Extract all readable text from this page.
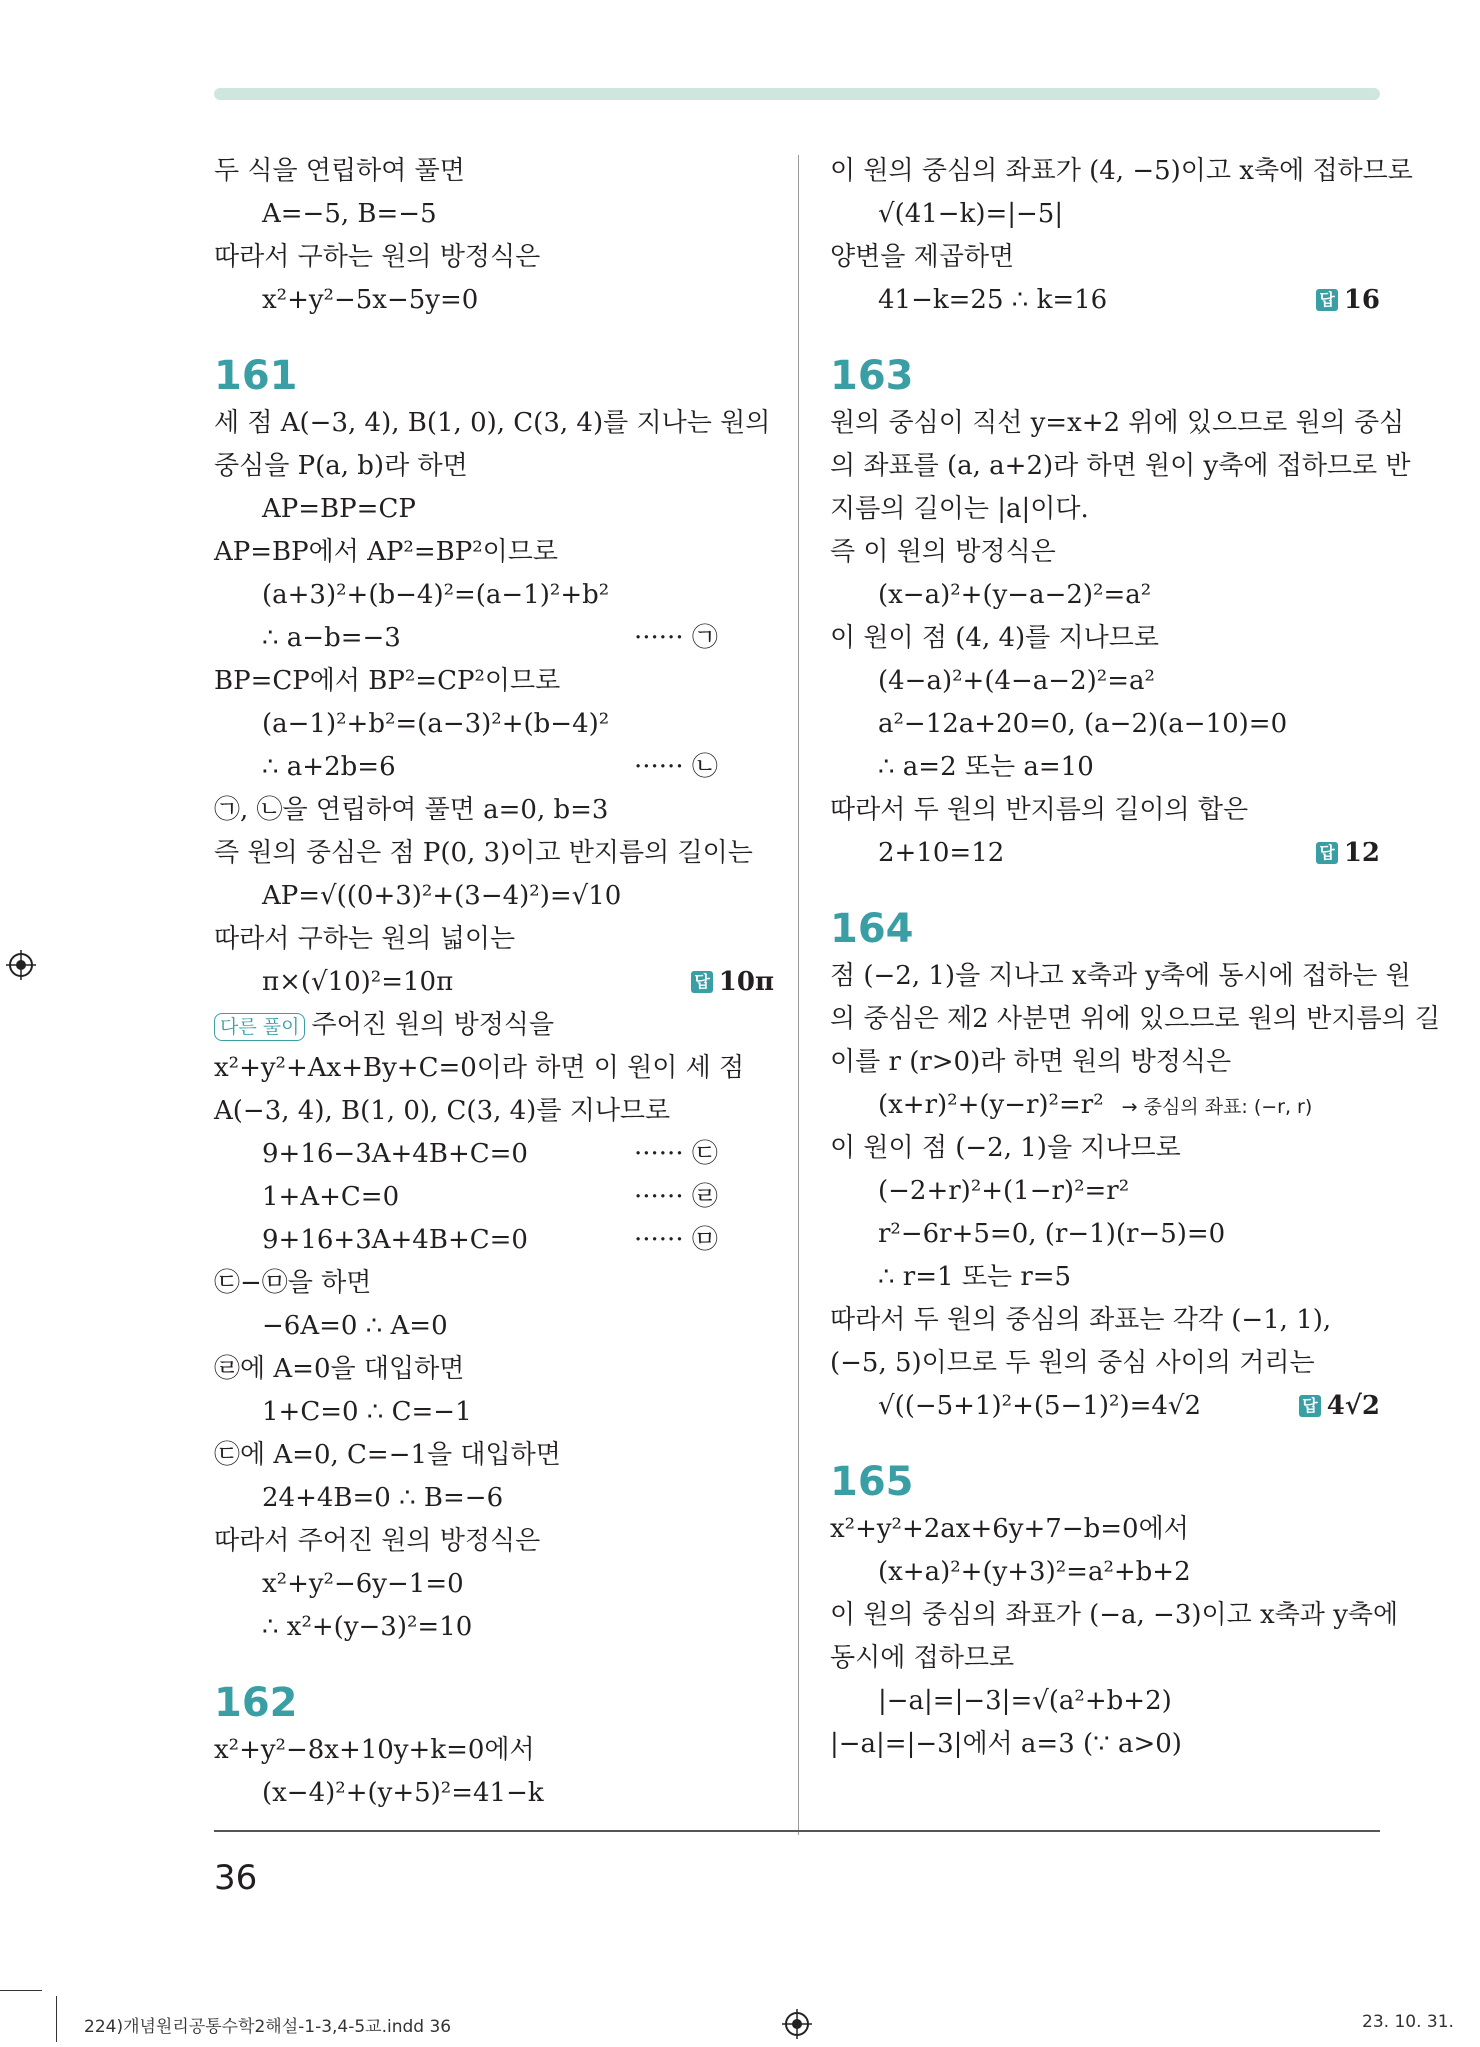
두 식을 연립하여 풀면
A=−5, B=−5
따라서 구하는 원의 방정식은
x²+y²−5x−5y=0
161
세 점 A(−3, 4), B(1, 0), C(3, 4)를 지나는 원의
중심을 P(a, b)라 하면
AP=BP=CP
AP=BP에서 AP²=BP²이므로
(a+3)²+(b−4)²=(a−1)²+b²
∴ a−b=−3	······ ㉠
BP=CP에서 BP²=CP²이므로
(a−1)²+b²=(a−3)²+(b−4)²
∴ a+2b=6	······ ㉡
㉠, ㉡을 연립하여 풀면 a=0, b=3
즉 원의 중심은 점 P(0, 3)이고 반지름의 길이는
AP=√((0+3)²+(3−4)²)=√10
따라서 구하는 원의 넓이는
π×(√10)²=10π	답 10π
다른 풀이 주어진 원의 방정식을
x²+y²+Ax+By+C=0이라 하면 이 원이 세 점
A(−3, 4), B(1, 0), C(3, 4)를 지나므로
9+16−3A+4B+C=0	······ ㉢
1+A+C=0	······ ㉣
9+16+3A+4B+C=0	······ ㉤
㉢−㉤을 하면
−6A=0 ∴ A=0
㉣에 A=0을 대입하면
1+C=0 ∴ C=−1
㉢에 A=0, C=−1을 대입하면
24+4B=0 ∴ B=−6
따라서 주어진 원의 방정식은
x²+y²−6y−1=0
∴ x²+(y−3)²=10
162
x²+y²−8x+10y+k=0에서
(x−4)²+(y+5)²=41−k
이 원의 중심의 좌표가 (4, −5)이고 x축에 접하므로
√(41−k)=|−5|
양변을 제곱하면
41−k=25 ∴ k=16	답 16
163
원의 중심이 직선 y=x+2 위에 있으므로 원의 중심
의 좌표를 (a, a+2)라 하면 원이 y축에 접하므로 반
지름의 길이는 |a|이다.
즉 이 원의 방정식은
(x−a)²+(y−a−2)²=a²
이 원이 점 (4, 4)를 지나므로
(4−a)²+(4−a−2)²=a²
a²−12a+20=0, (a−2)(a−10)=0
∴ a=2 또는 a=10
따라서 두 원의 반지름의 길이의 합은
2+10=12	답 12
164
점 (−2, 1)을 지나고 x축과 y축에 동시에 접하는 원
의 중심은 제2 사분면 위에 있으므로 원의 반지름의 길
이를 r (r>0)라 하면 원의 방정식은
(x+r)²+(y−r)²=r² → 중심의 좌표: (−r, r)
이 원이 점 (−2, 1)을 지나므로
(−2+r)²+(1−r)²=r²
r²−6r+5=0, (r−1)(r−5)=0
∴ r=1 또는 r=5
따라서 두 원의 중심의 좌표는 각각 (−1, 1),
(−5, 5)이므로 두 원의 중심 사이의 거리는
√((−5+1)²+(5−1)²)=4√2	답 4√2
165
x²+y²+2ax+6y+7−b=0에서
(x+a)²+(y+3)²=a²+b+2
이 원의 중심의 좌표가 (−a, −3)이고 x축과 y축에
동시에 접하므로
|−a|=|−3|=√(a²+b+2)
|−a|=|−3|에서 a=3 (∵ a>0)
36
224)개념원리공통수학2해설-1-3,4-5교.indd 36	23. 10. 31.
